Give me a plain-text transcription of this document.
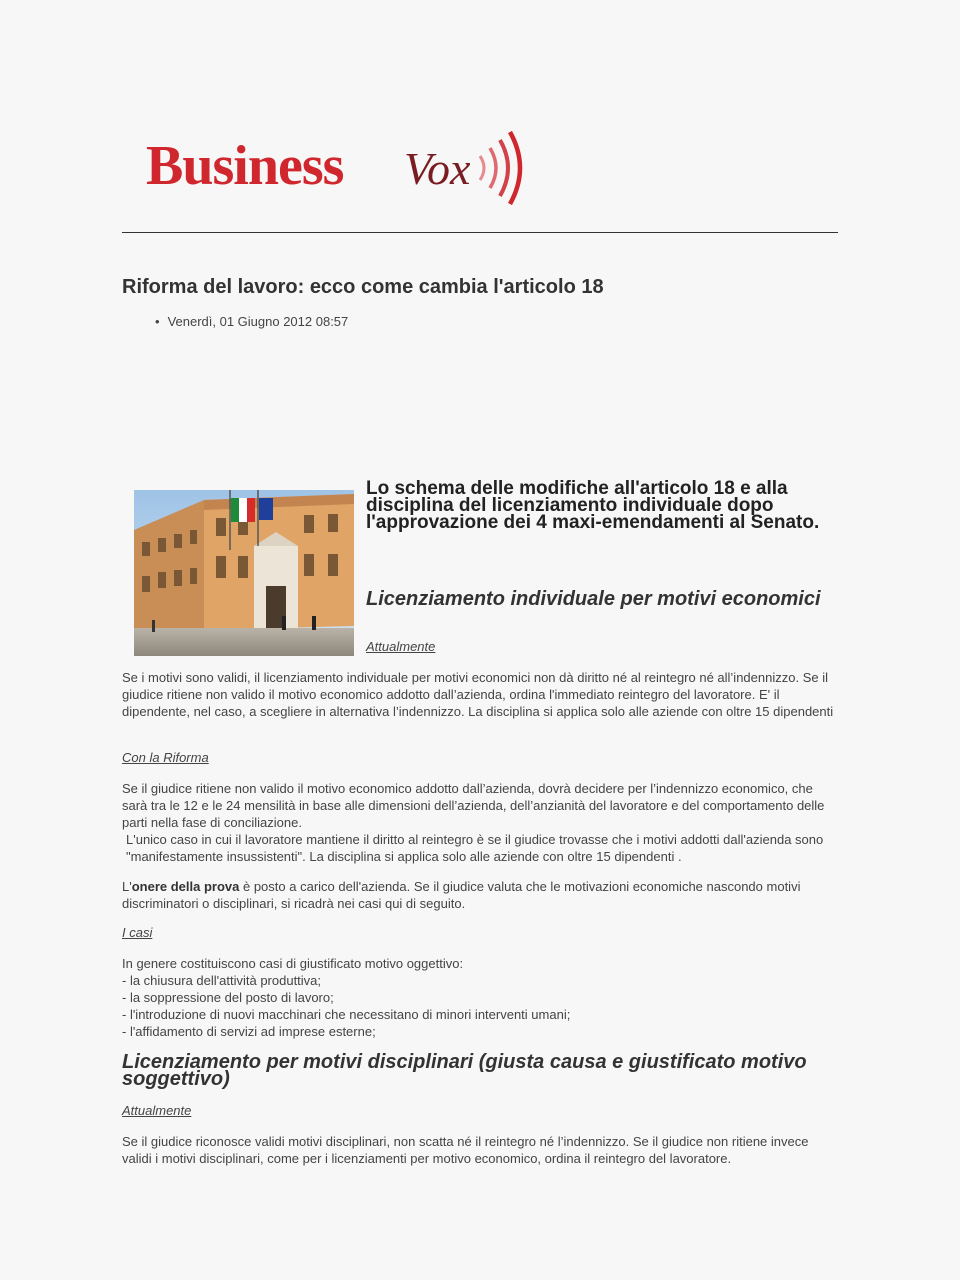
Business Vox
Riforma del lavoro: ecco come cambia l'articolo 18
• Venerdì, 01 Giugno 2012 08:57
Lo schema delle modifiche all'articolo 18 e alla disciplina del licenziamento individuale dopo l'approvazione dei 4 maxi-emendamenti al Senato.
Licenziamento individuale per motivi economici
Attualmente
Se i motivi sono validi, il licenziamento individuale per motivi economici non dà diritto né al reintegro né all’indennizzo. Se il giudice ritiene non valido il motivo economico addotto dall’azienda, ordina l'immediato reintegro del lavoratore. E' il dipendente, nel caso, a scegliere in alternativa l’indennizzo. La disciplina si applica solo alle aziende con oltre 15 dipendenti
Con la Riforma
Se il giudice ritiene non valido il motivo economico addotto dall’azienda, dovrà decidere per l’indennizzo economico, che sarà tra le 12 e le 24 mensilità in base alle dimensioni dell’azienda, dell’anzianità del lavoratore e del comportamento delle parti nella fase di conciliazione.
L'unico caso in cui il lavoratore mantiene il diritto al reintegro è se il giudice trovasse che i motivi addotti dall'azienda sono "manifestamente insussistenti". La disciplina si applica solo alle aziende con oltre 15 dipendenti .
L'onere della prova è posto a carico dell'azienda. Se il giudice valuta che le motivazioni economiche nascondo motivi discriminatori o disciplinari, si ricadrà nei casi qui di seguito.
I casi
In genere costituiscono casi di giustificato motivo oggettivo:
- la chiusura dell'attività produttiva;
- la soppressione del posto di lavoro;
- l'introduzione di nuovi macchinari che necessitano di minori interventi umani;
- l'affidamento di servizi ad imprese esterne;
Licenziamento per motivi disciplinari (giusta causa e giustificato motivo soggettivo)
Attualmente
Se il giudice riconosce validi motivi disciplinari, non scatta né il reintegro né l’indennizzo. Se il giudice non ritiene invece validi i motivi disciplinari, come per i licenziamenti per motivo economico, ordina il reintegro del lavoratore.
